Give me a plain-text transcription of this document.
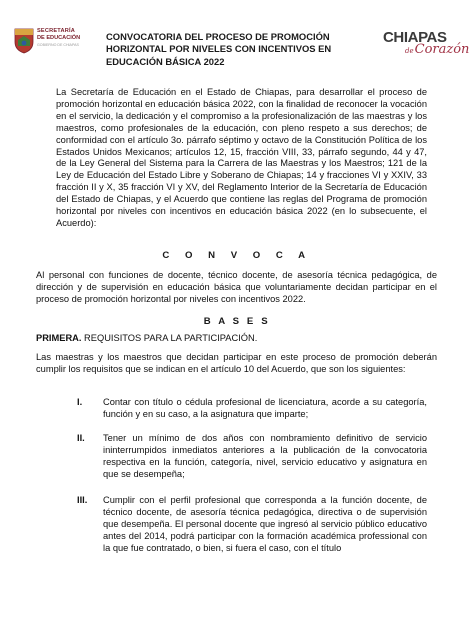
SECRETARÍA
DE EDUCACIÓN
GOBIERNO DE CHIAPAS
CONVOCATORIA DEL PROCESO DE PROMOCIÓN HORIZONTAL POR NIVELES CON INCENTIVOS EN EDUCACIÓN BÁSICA 2022
CHIAPAS
deCorazón
La Secretaría de Educación en el Estado de Chiapas, para desarrollar el proceso de promoción horizontal en educación básica 2022, con la finalidad de reconocer la vocación en el servicio, la dedicación y el compromiso a la profesionalización de las maestras y los maestros, como profesionales de la educación, con pleno respeto a sus derechos; de conformidad con el artículo 3o. párrafo séptimo y octavo de la Constitución Política de los Estados Unidos Mexicanos; artículos 12, 15, fracción VIII, 33, párrafo segundo, 44 y 47, de la Ley General del Sistema para la Carrera de las Maestras y los Maestros; 121 de la Ley de Educación del Estado Libre y Soberano de Chiapas; 14 y fracciones VI y XXIV, 33 fracción II y X, 35 fracción VI y XV, del Reglamento Interior de la Secretaría de Educación del Estado de Chiapas, y el Acuerdo que contiene las reglas del Programa de promoción horizontal por niveles con incentivos en educación básica 2022 (en lo subsecuente, el Acuerdo):
C O N V O C A
Al personal con funciones de docente, técnico docente, de asesoría técnica pedagógica, de dirección y de supervisión en educación básica que voluntariamente decidan participar en el proceso de promoción horizontal por niveles con incentivos 2022.
B A S E S
PRIMERA. REQUISITOS PARA LA PARTICIPACIÓN.
Las maestras y los maestros que decidan participar en este proceso de promoción deberán cumplir los requisitos que se indican en el artículo 10 del Acuerdo, que son los siguientes:
I. Contar con título o cédula profesional de licenciatura, acorde a su categoría, función y en su caso, a la asignatura que imparte;
II. Tener un mínimo de dos años con nombramiento definitivo de servicio ininterrumpidos inmediatos anteriores a la publicación de la convocatoria respectiva en la función, categoría, nivel, servicio educativo y asignatura en que se desempeña;
III. Cumplir con el perfil profesional que corresponda a la función docente, de técnico docente, de asesoría técnica pedagógica, directiva o de supervisión que desempeña. El personal docente que ingresó al servicio público educativo antes del 2014, podrá participar con la formación académica professional con la que fue contratado, o bien, si fuera el caso, con el título
